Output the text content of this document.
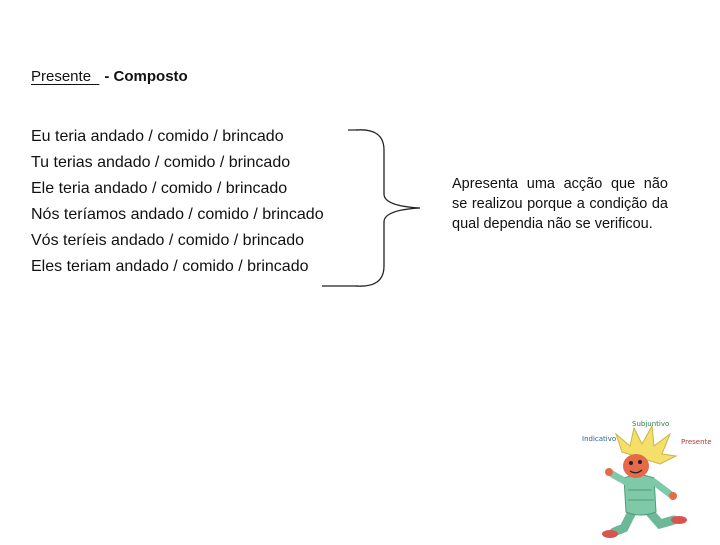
Presente - Composto
Eu teria andado / comido / brincado
Tu terias andado / comido / brincado
Ele teria andado / comido / brincado
Nós teríamos andado / comido / brincado
Vós teríeis andado / comido / brincado
Eles teriam andado / comido / brincado
Apresenta uma acção que não se realizou porque a condição da qual dependia não se verificou.
Subjuntivo
Indicativo	Presente
